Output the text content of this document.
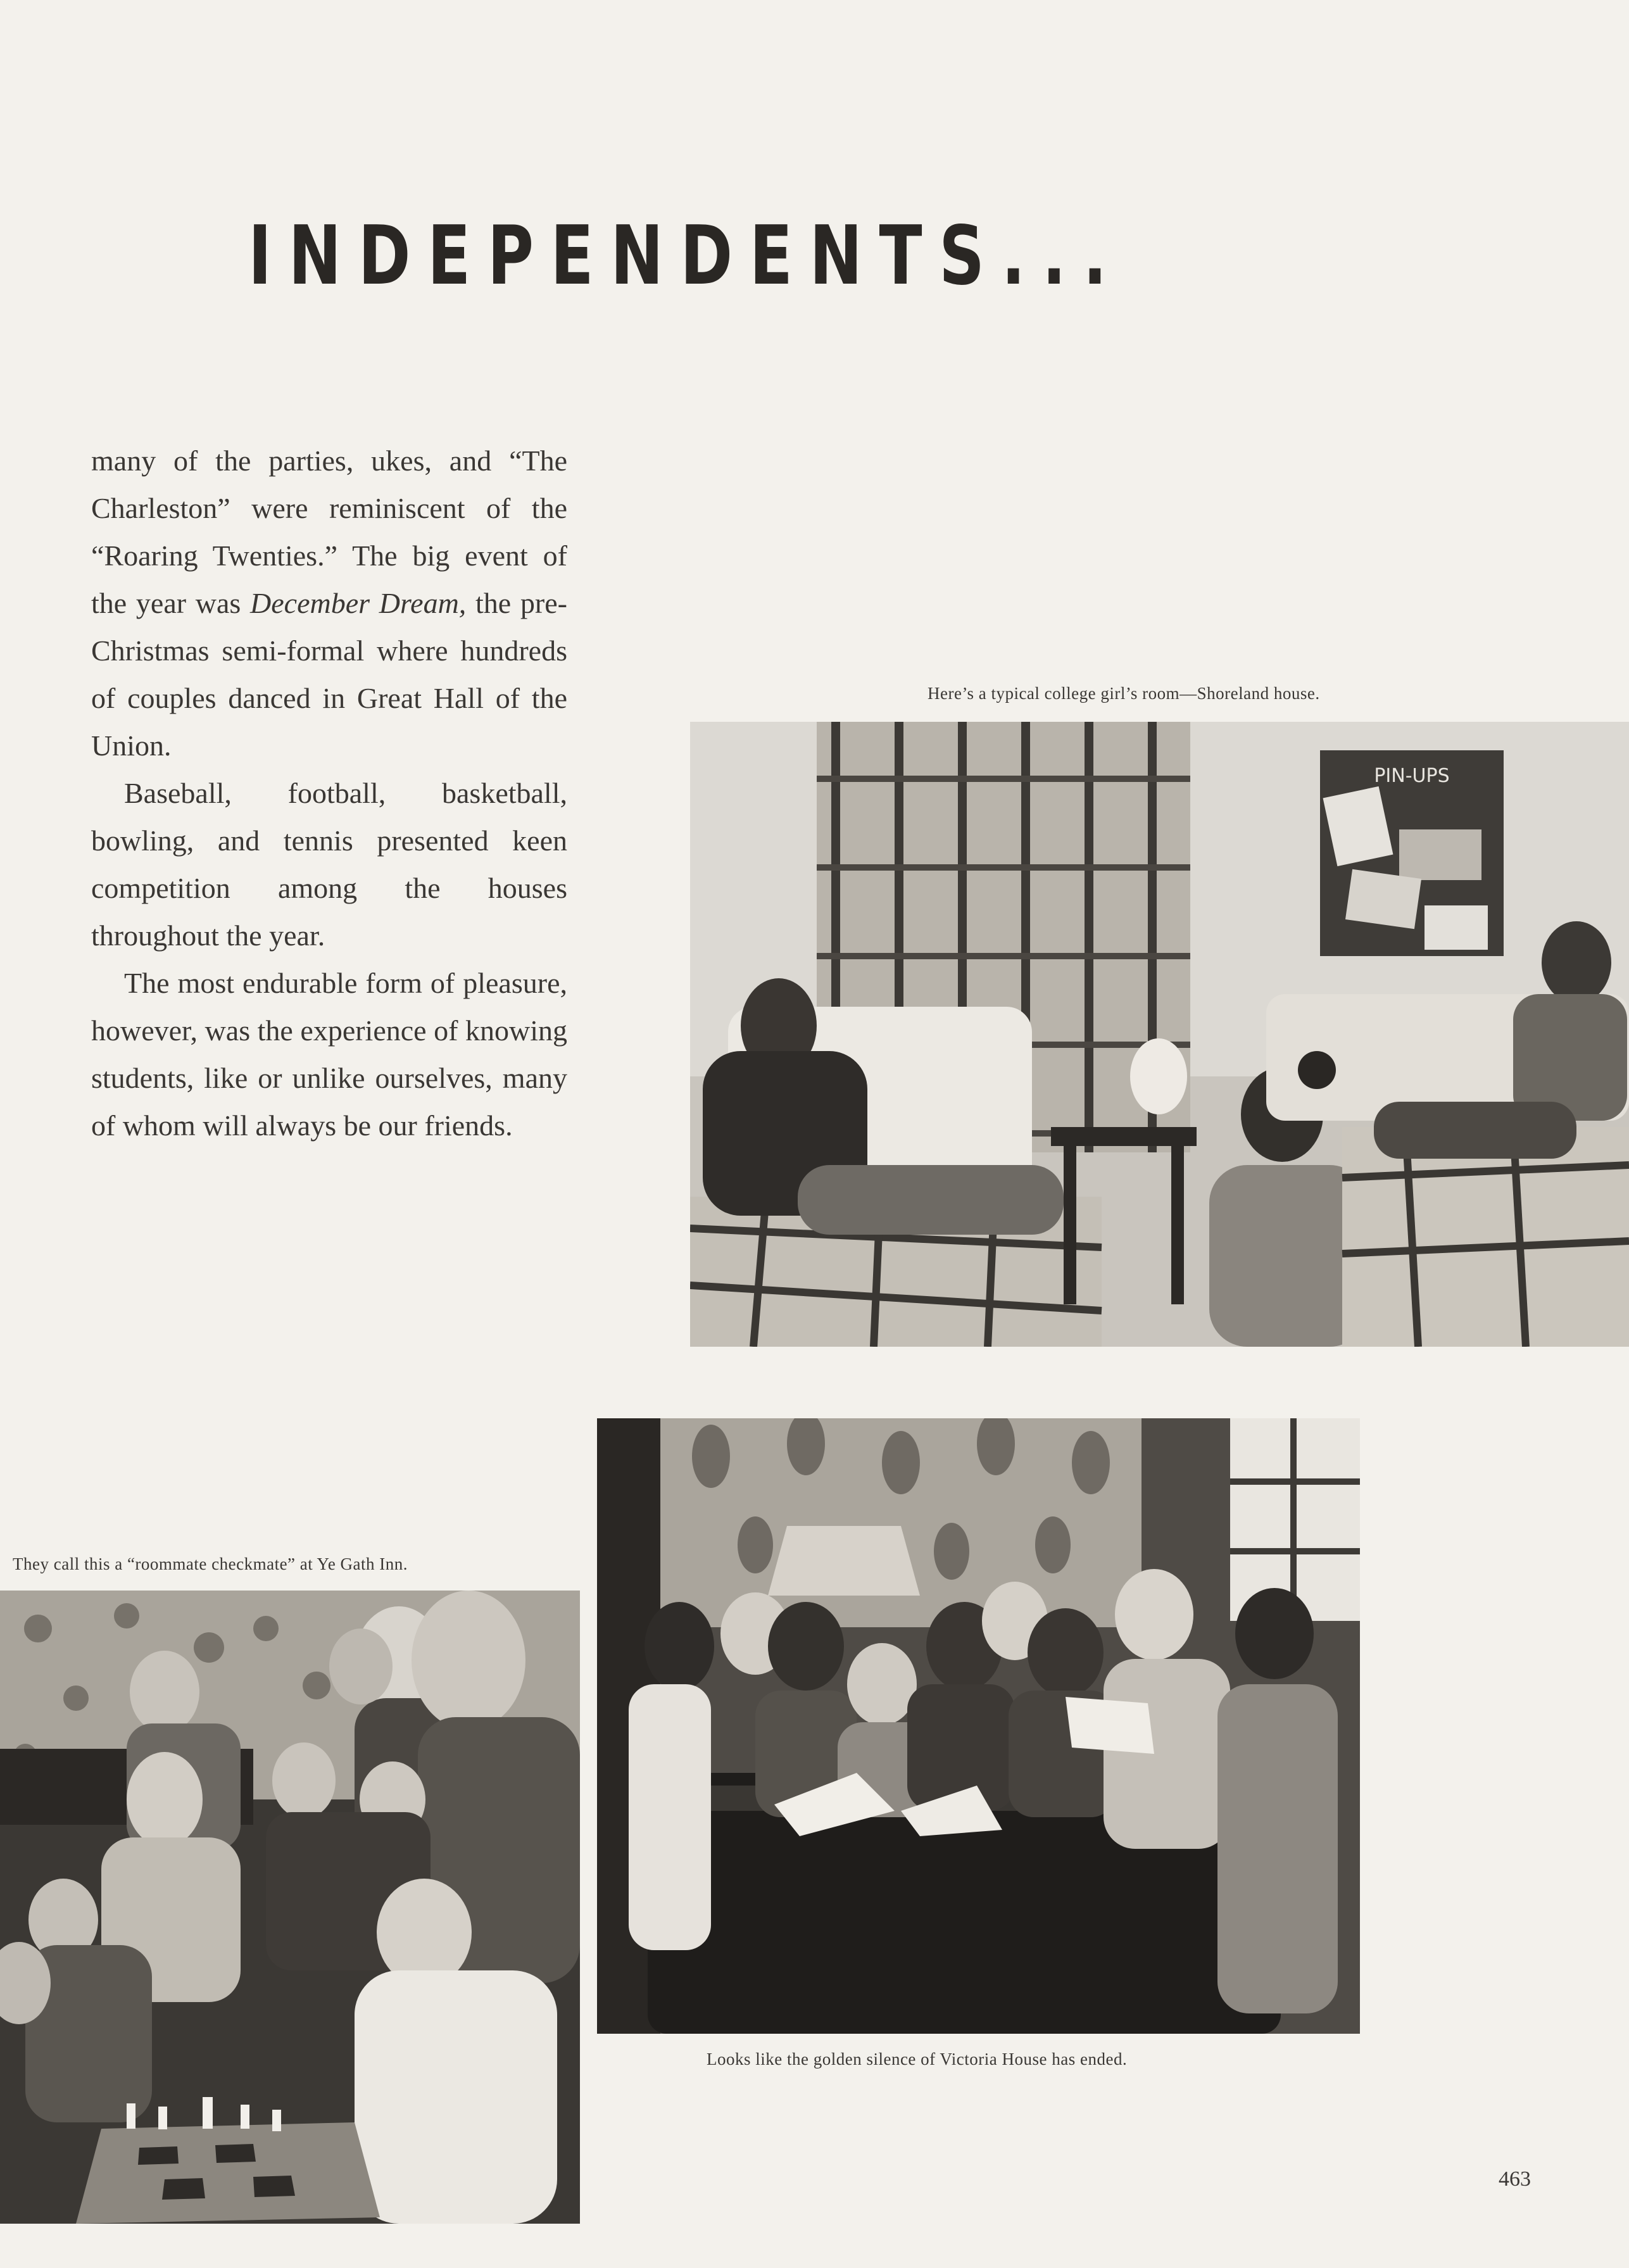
INDEPENDENTS...

many of the parties, ukes, and “The Charleston” were reminiscent of the “Roaring Twenties.” The big event of the year was December Dream, the pre-Christmas semi-formal where hundreds of couples danced in Great Hall of the Union.

Baseball, football, basketball, bowling, and tennis presented keen competition among the houses throughout the year.

The most endurable form of pleasure, however, was the experience of knowing students, like or unlike ourselves, many of whom will always be our friends.

Here’s a typical college girl’s room—Shoreland house.
PIN-UPS
They call this a “roommate checkmate” at Ye Gath Inn.
Looks like the golden silence of Victoria House has ended.
463
